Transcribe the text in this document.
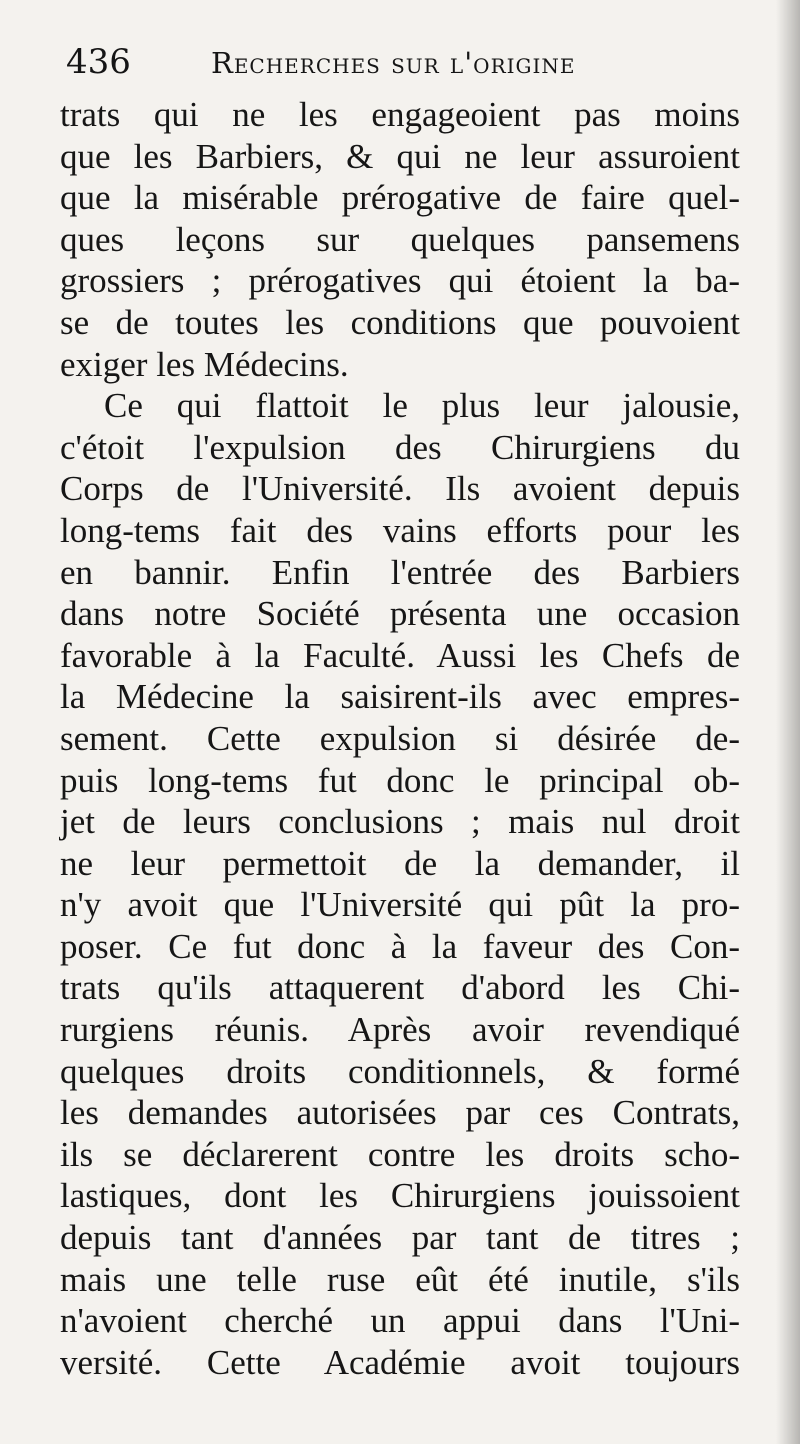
436	Recherches sur l'origine
trats qui ne les engageoient pas moins
que les Barbiers, & qui ne leur assuroient
que la misérable prérogative de faire quel-
ques leçons sur quelques pansemens
grossiers ; prérogatives qui étoient la ba-
se de toutes les conditions que pouvoient
exiger les Médecins.
Ce qui flattoit le plus leur jalousie,
c'étoit l'expulsion des Chirurgiens du
Corps de l'Université. Ils avoient depuis
long-tems fait des vains efforts pour les
en bannir. Enfin l'entrée des Barbiers
dans notre Société présenta une occasion
favorable à la Faculté. Aussi les Chefs de
la Médecine la saisirent-ils avec empres-
sement. Cette expulsion si désirée de-
puis long-tems fut donc le principal ob-
jet de leurs conclusions ; mais nul droit
ne leur permettoit de la demander, il
n'y avoit que l'Université qui pût la pro-
poser. Ce fut donc à la faveur des Con-
trats qu'ils attaquerent d'abord les Chi-
rurgiens réunis. Après avoir revendiqué
quelques droits conditionnels, & formé
les demandes autorisées par ces Contrats,
ils se déclarerent contre les droits scho-
lastiques, dont les Chirurgiens jouissoient
depuis tant d'années par tant de titres ;
mais une telle ruse eût été inutile, s'ils
n'avoient cherché un appui dans l'Uni-
versité. Cette Académie avoit toujours
